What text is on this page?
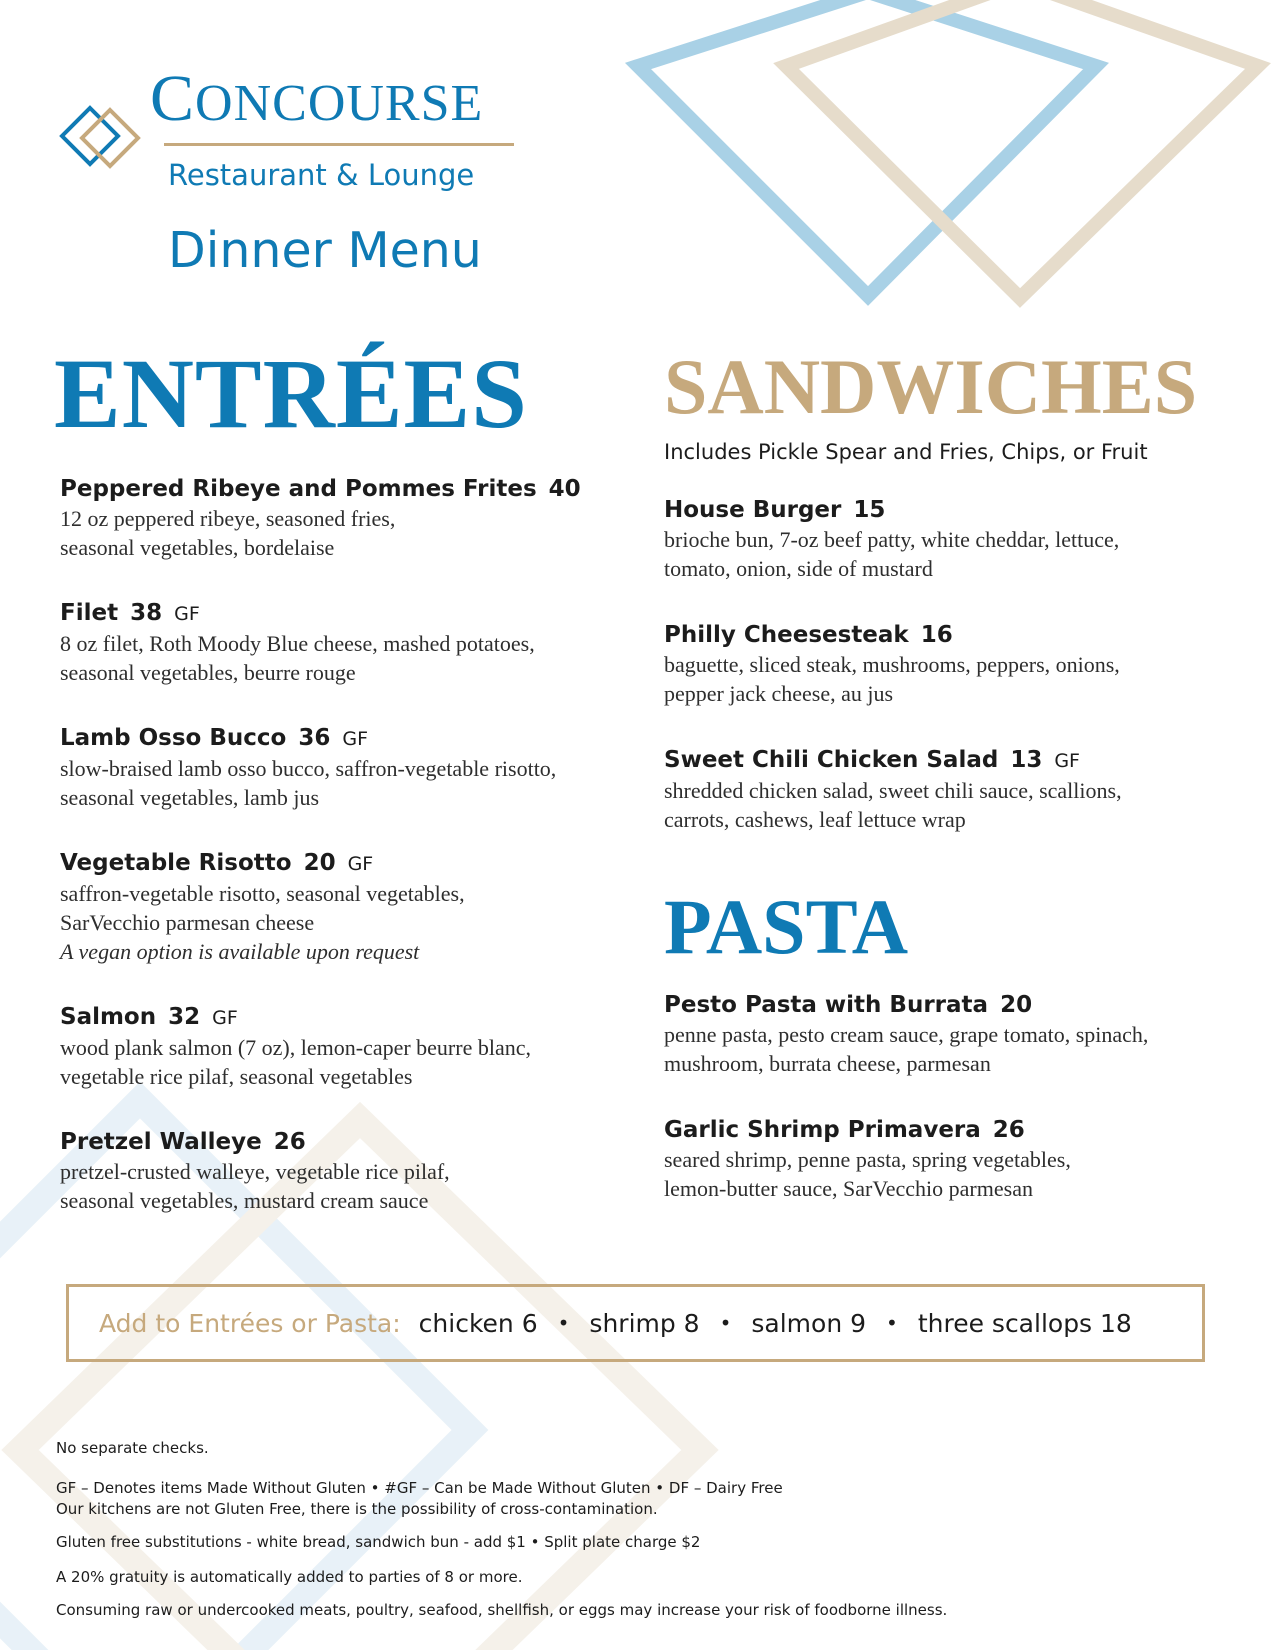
CONCOURSE
Restaurant & Lounge
Dinner Menu
ENTRÉES SANDWICHES
Includes Pickle Spear and Fries, Chips, or Fruit
PASTA
Peppered Ribeye and Pommes Frites 40
12 oz peppered ribeye, seasoned fries,
seasonal vegetables, bordelaise
Filet 38 GF
8 oz filet, Roth Moody Blue cheese, mashed potatoes,
seasonal vegetables, beurre rouge
Lamb Osso Bucco 36 GF
slow-braised lamb osso bucco, saffron-vegetable risotto,
seasonal vegetables, lamb jus
Vegetable Risotto 20 GF
saffron-vegetable risotto, seasonal vegetables,
SarVecchio parmesan cheese
A vegan option is available upon request
Salmon 32 GF
wood plank salmon (7 oz), lemon-caper beurre blanc,
vegetable rice pilaf, seasonal vegetables
Pretzel Walleye 26
pretzel-crusted walleye, vegetable rice pilaf,
seasonal vegetables, mustard cream sauce
House Burger 15
brioche bun, 7-oz beef patty, white cheddar, lettuce,
tomato, onion, side of mustard
Philly Cheesesteak 16
baguette, sliced steak, mushrooms, peppers, onions,
pepper jack cheese, au jus
Sweet Chili Chicken Salad 13 GF
shredded chicken salad, sweet chili sauce, scallions,
carrots, cashews, leaf lettuce wrap
Pesto Pasta with Burrata 20
penne pasta, pesto cream sauce, grape tomato, spinach,
mushroom, burrata cheese, parmesan
Garlic Shrimp Primavera 26
seared shrimp, penne pasta, spring vegetables,
lemon-butter sauce, SarVecchio parmesan
Add to Entrées or Pasta: chicken 6 • shrimp 8 • salmon 9 • three scallops 18
No separate checks.
GF – Denotes items Made Without Gluten • #GF – Can be Made Without Gluten • DF – Dairy Free
Our kitchens are not Gluten Free, there is the possibility of cross-contamination.
Gluten free substitutions - white bread, sandwich bun - add $1 • Split plate charge $2
A 20% gratuity is automatically added to parties of 8 or more.
Consuming raw or undercooked meats, poultry, seafood, shellfish, or eggs may increase your risk of foodborne illness.
